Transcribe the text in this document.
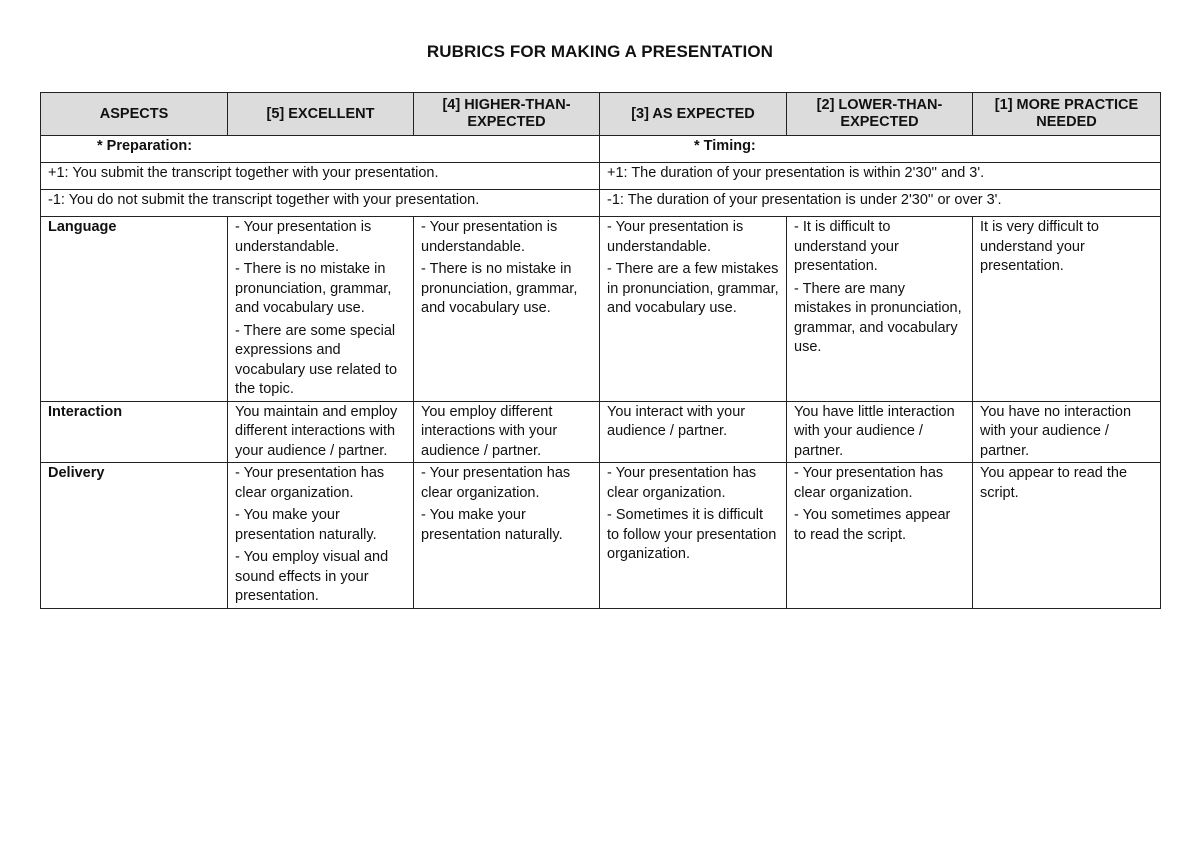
RUBRICS FOR MAKING A PRESENTATION
ASPECTS	[5] EXCELLENT	[4] HIGHER-THAN-EXPECTED	[3] AS EXPECTED	[2] LOWER-THAN-EXPECTED	[1] MORE PRACTICE NEEDED
* Preparation:			* Timing:		
+1: You submit the transcript together with your presentation.			+1: The duration of your presentation is within 2'30'' and 3'.		
-1: You do not submit the transcript together with your presentation.			-1: The duration of your presentation is under 2'30'' or over 3'.		
Language	- Your presentation is understandable.
- There is no mistake in pronunciation, grammar, and vocabulary use.
- There are some special expressions and vocabulary use related to the topic.	- Your presentation is understandable.
- There is no mistake in pronunciation, grammar, and vocabulary use.	- Your presentation is understandable.
- There are a few mistakes in pronunciation, grammar, and vocabulary use.	- It is difficult to understand your presentation.
- There are many mistakes in pronunciation, grammar, and vocabulary use.	It is very difficult to understand your presentation.

Interaction	You maintain and employ different interactions with your audience / partner.	You employ different interactions with your audience / partner.	You interact with your audience / partner.	You have little interaction with your audience / partner.	You have no interaction with your audience / partner.

Delivery	- Your presentation has clear organization.
- You make your presentation naturally.
- You employ visual and sound effects in your presentation.	- Your presentation has clear organization.
- You make your presentation naturally.	- Your presentation has clear organization.
- Sometimes it is difficult to follow your presentation organization.	- Your presentation has clear organization.
- You sometimes appear to read the script.	You appear to read the script.
